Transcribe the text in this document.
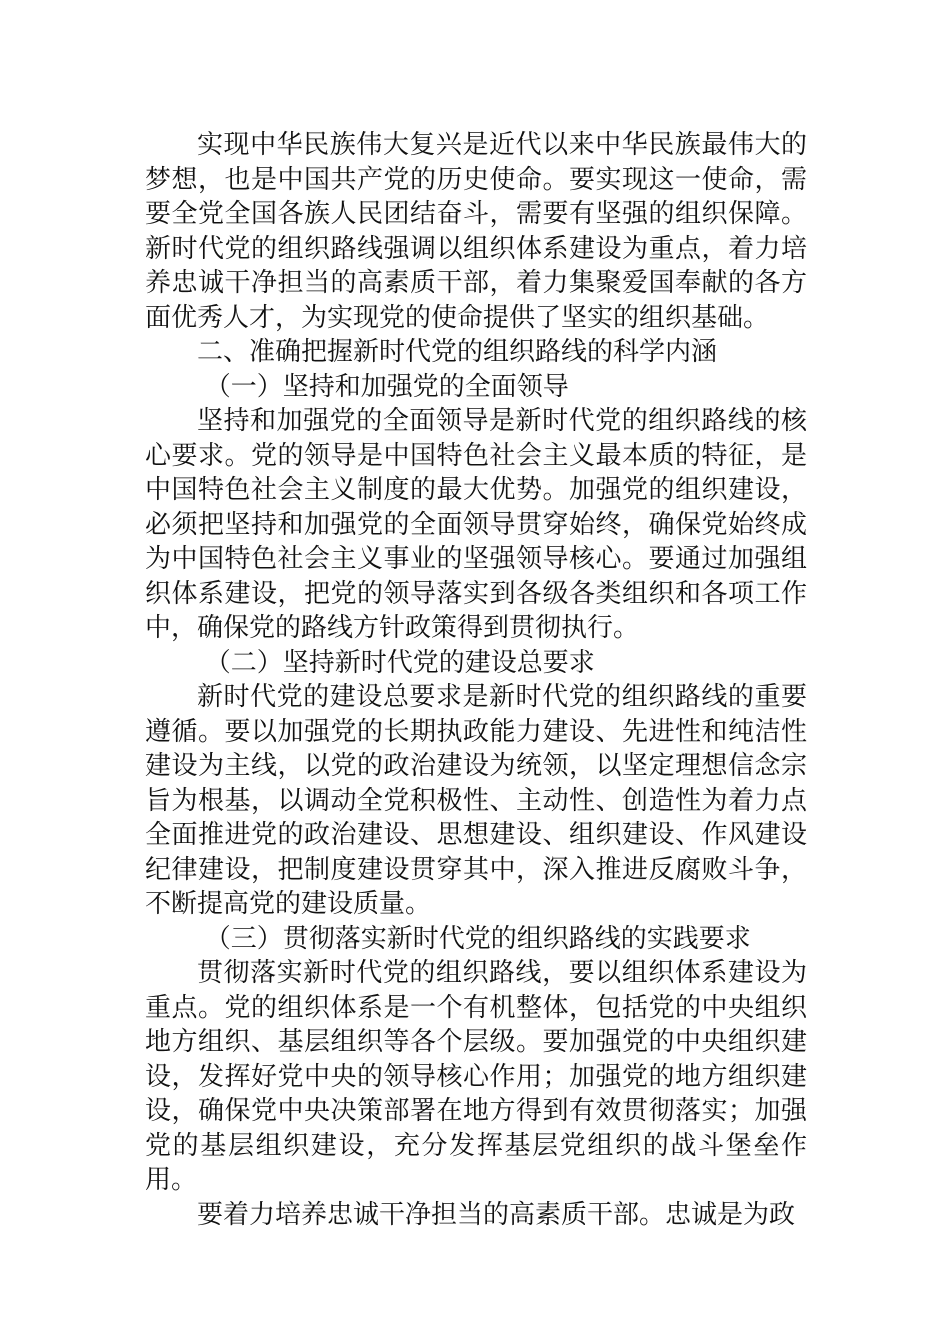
实现中华民族伟大复兴是近代以来中华民族最伟大的梦想，也是中国共产党的历史使命。要实现这一使命，需要全党全国各族人民团结奋斗，需要有坚强的组织保障。新时代党的组织路线强调以组织体系建设为重点，着力培养忠诚干净担当的高素质干部，着力集聚爱国奉献的各方面优秀人才，为实现党的使命提供了坚实的组织基础。

二、准确把握新时代党的组织路线的科学内涵

（一）坚持和加强党的全面领导

坚持和加强党的全面领导是新时代党的组织路线的核心要求。党的领导是中国特色社会主义最本质的特征，是中国特色社会主义制度的最大优势。加强党的组织建设，必须把坚持和加强党的全面领导贯穿始终，确保党始终成为中国特色社会主义事业的坚强领导核心。要通过加强组织体系建设，把党的领导落实到各级各类组织和各项工作中，确保党的路线方针政策得到贯彻执行。

（二）坚持新时代党的建设总要求

新时代党的建设总要求是新时代党的组织路线的重要遵循。要以加强党的长期执政能力建设、先进性和纯洁性建设为主线，以党的政治建设为统领，以坚定理想信念宗旨为根基，以调动全党积极性、主动性、创造性为着力点全面推进党的政治建设、思想建设、组织建设、作风建设纪律建设，把制度建设贯穿其中，深入推进反腐败斗争，不断提高党的建设质量。

（三）贯彻落实新时代党的组织路线的实践要求

贯彻落实新时代党的组织路线，要以组织体系建设为重点。党的组织体系是一个有机整体，包括党的中央组织地方组织、基层组织等各个层级。要加强党的中央组织建设，发挥好党中央的领导核心作用；加强党的地方组织建设，确保党中央决策部署在地方得到有效贯彻落实；加强党的基层组织建设，充分发挥基层党组织的战斗堡垒作用。

要着力培养忠诚干净担当的高素质干部。忠诚是为政
